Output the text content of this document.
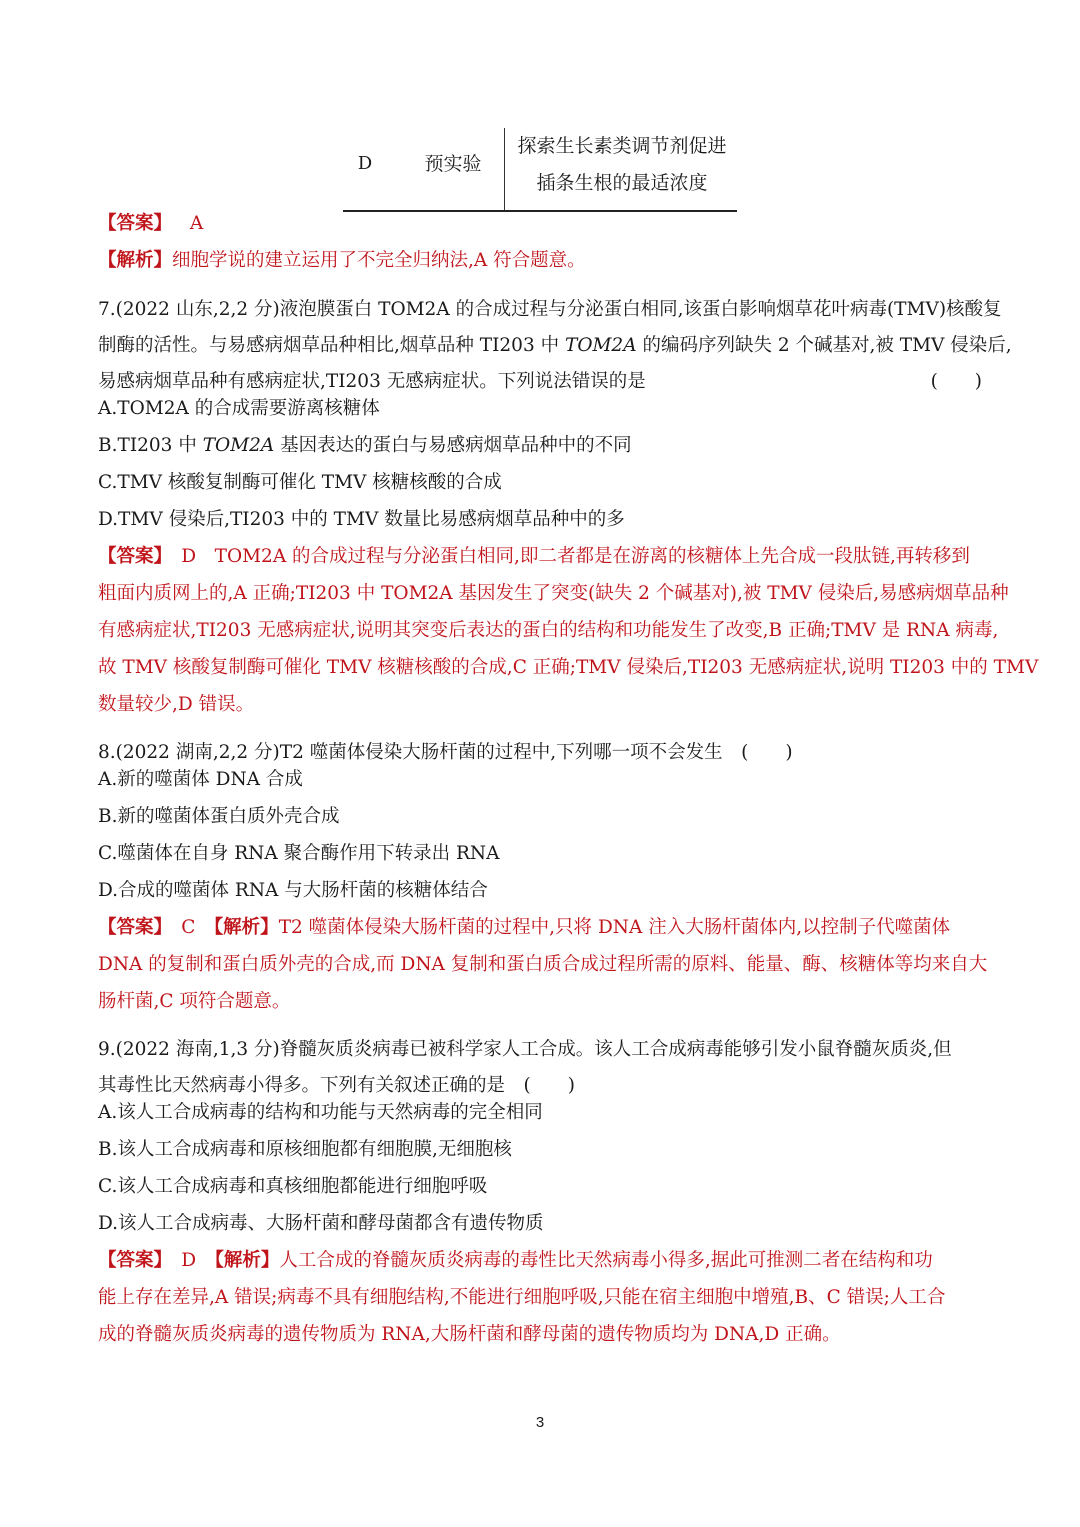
D	预实验
探索生长素类调节剂促进
插条生根的最适浓度
【答案】 A
【解析】细胞学说的建立运用了不完全归纳法,A 符合题意。
7.(2022 山东,2,2 分)液泡膜蛋白 TOM2A 的合成过程与分泌蛋白相同,该蛋白影响烟草花叶病毒(TMV)核酸复
制酶的活性。与易感病烟草品种相比,烟草品种 TI203 中 TOM2A 的编码序列缺失 2 个碱基对,被 TMV 侵染后,
易感病烟草品种有感病症状,TI203 无感病症状。下列说法错误的是	(　　)
A.TOM2A 的合成需要游离核糖体
B.TI203 中 TOM2A 基因表达的蛋白与易感病烟草品种中的不同
C.TMV 核酸复制酶可催化 TMV 核糖核酸的合成
D.TMV 侵染后,TI203 中的 TMV 数量比易感病烟草品种中的多
【答案】　D　TOM2A 的合成过程与分泌蛋白相同,即二者都是在游离的核糖体上先合成一段肽链,再转移到
粗面内质网上的,A 正确;TI203 中 TOM2A 基因发生了突变(缺失 2 个碱基对),被 TMV 侵染后,易感病烟草品种
有感病症状,TI203 无感病症状,说明其突变后表达的蛋白的结构和功能发生了改变,B 正确;TMV 是 RNA 病毒,
故 TMV 核酸复制酶可催化 TMV 核糖核酸的合成,C 正确;TMV 侵染后,TI203 无感病症状,说明 TI203 中的 TMV
数量较少,D 错误。
8.(2022 湖南,2,2 分)T2 噬菌体侵染大肠杆菌的过程中,下列哪一项不会发生　(　　)
A.新的噬菌体 DNA 合成
B.新的噬菌体蛋白质外壳合成
C.噬菌体在自身 RNA 聚合酶作用下转录出 RNA
D.合成的噬菌体 RNA 与大肠杆菌的核糖体结合
【答案】　C　【解析】T2 噬菌体侵染大肠杆菌的过程中,只将 DNA 注入大肠杆菌体内,以控制子代噬菌体
DNA 的复制和蛋白质外壳的合成,而 DNA 复制和蛋白质合成过程所需的原料、能量、酶、核糖体等均来自大
肠杆菌,C 项符合题意。
9.(2022 海南,1,3 分)脊髓灰质炎病毒已被科学家人工合成。该人工合成病毒能够引发小鼠脊髓灰质炎,但
其毒性比天然病毒小得多。下列有关叙述正确的是　(　　)
A.该人工合成病毒的结构和功能与天然病毒的完全相同
B.该人工合成病毒和原核细胞都有细胞膜,无细胞核
C.该人工合成病毒和真核细胞都能进行细胞呼吸
D.该人工合成病毒、大肠杆菌和酵母菌都含有遗传物质
【答案】　D　【解析】人工合成的脊髓灰质炎病毒的毒性比天然病毒小得多,据此可推测二者在结构和功
能上存在差异,A 错误;病毒不具有细胞结构,不能进行细胞呼吸,只能在宿主细胞中增殖,B、C 错误;人工合
成的脊髓灰质炎病毒的遗传物质为 RNA,大肠杆菌和酵母菌的遗传物质均为 DNA,D 正确。
3
